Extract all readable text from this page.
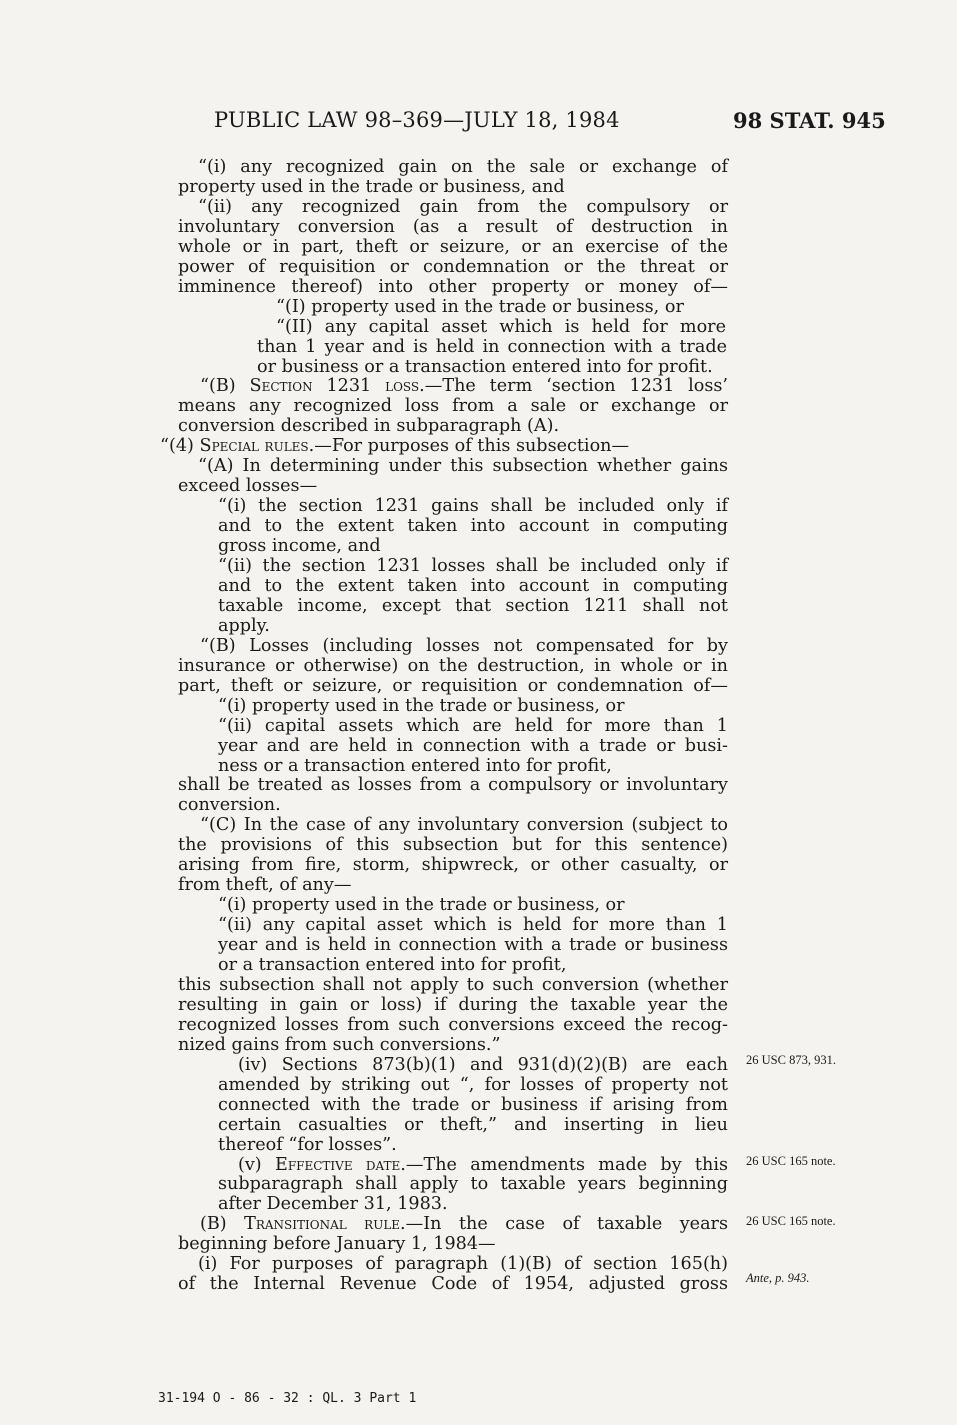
PUBLIC LAW 98–369—JULY 18, 1984	98 STAT. 945
“(i) any recognized gain on the sale or exchange of
property used in the trade or business, and
“(ii) any recognized gain from the compulsory or
involuntary conversion (as a result of destruction in
whole or in part, theft or seizure, or an exercise of the
power of requisition or condemnation or the threat or
imminence thereof) into other property or money of—
“(I) property used in the trade or business, or
“(II) any capital asset which is held for more
than 1 year and is held in connection with a trade
or business or a transaction entered into for profit.
“(B) Section 1231 loss.—The term ‘section 1231 loss’
means any recognized loss from a sale or exchange or
conversion described in subparagraph (A).
“(4) Special rules.—For purposes of this subsection—
“(A) In determining under this subsection whether gains
exceed losses—
“(i) the section 1231 gains shall be included only if
and to the extent taken into account in computing
gross income, and
“(ii) the section 1231 losses shall be included only if
and to the extent taken into account in computing
taxable income, except that section 1211 shall not
apply.
“(B) Losses (including losses not compensated for by
insurance or otherwise) on the destruction, in whole or in
part, theft or seizure, or requisition or condemnation of—
“(i) property used in the trade or business, or
“(ii) capital assets which are held for more than 1
year and are held in connection with a trade or busi-
ness or a transaction entered into for profit,
shall be treated as losses from a compulsory or involuntary
conversion.
“(C) In the case of any involuntary conversion (subject to
the provisions of this subsection but for this sentence)
arising from fire, storm, shipwreck, or other casualty, or
from theft, of any—
“(i) property used in the trade or business, or
“(ii) any capital asset which is held for more than 1
year and is held in connection with a trade or business
or a transaction entered into for profit,
this subsection shall not apply to such conversion (whether
resulting in gain or loss) if during the taxable year the
recognized losses from such conversions exceed the recog-
nized gains from such conversions.”
(iv) Sections 873(b)(1) and 931(d)(2)(B) are each
amended by striking out “, for losses of property not
connected with the trade or business if arising from
certain casualties or theft,” and inserting in lieu
thereof “for losses”.
(v) Effective date.—The amendments made by this
subparagraph shall apply to taxable years beginning
after December 31, 1983.
(B) Transitional rule.—In the case of taxable years
beginning before January 1, 1984—
(i) For purposes of paragraph (1)(B) of section 165(h)
of the Internal Revenue Code of 1954, adjusted gross
26 USC 873, 931.
26 USC 165 note.
26 USC 165 note.
Ante, p. 943.
31-194 O - 86 - 32 : QL. 3 Part 1
